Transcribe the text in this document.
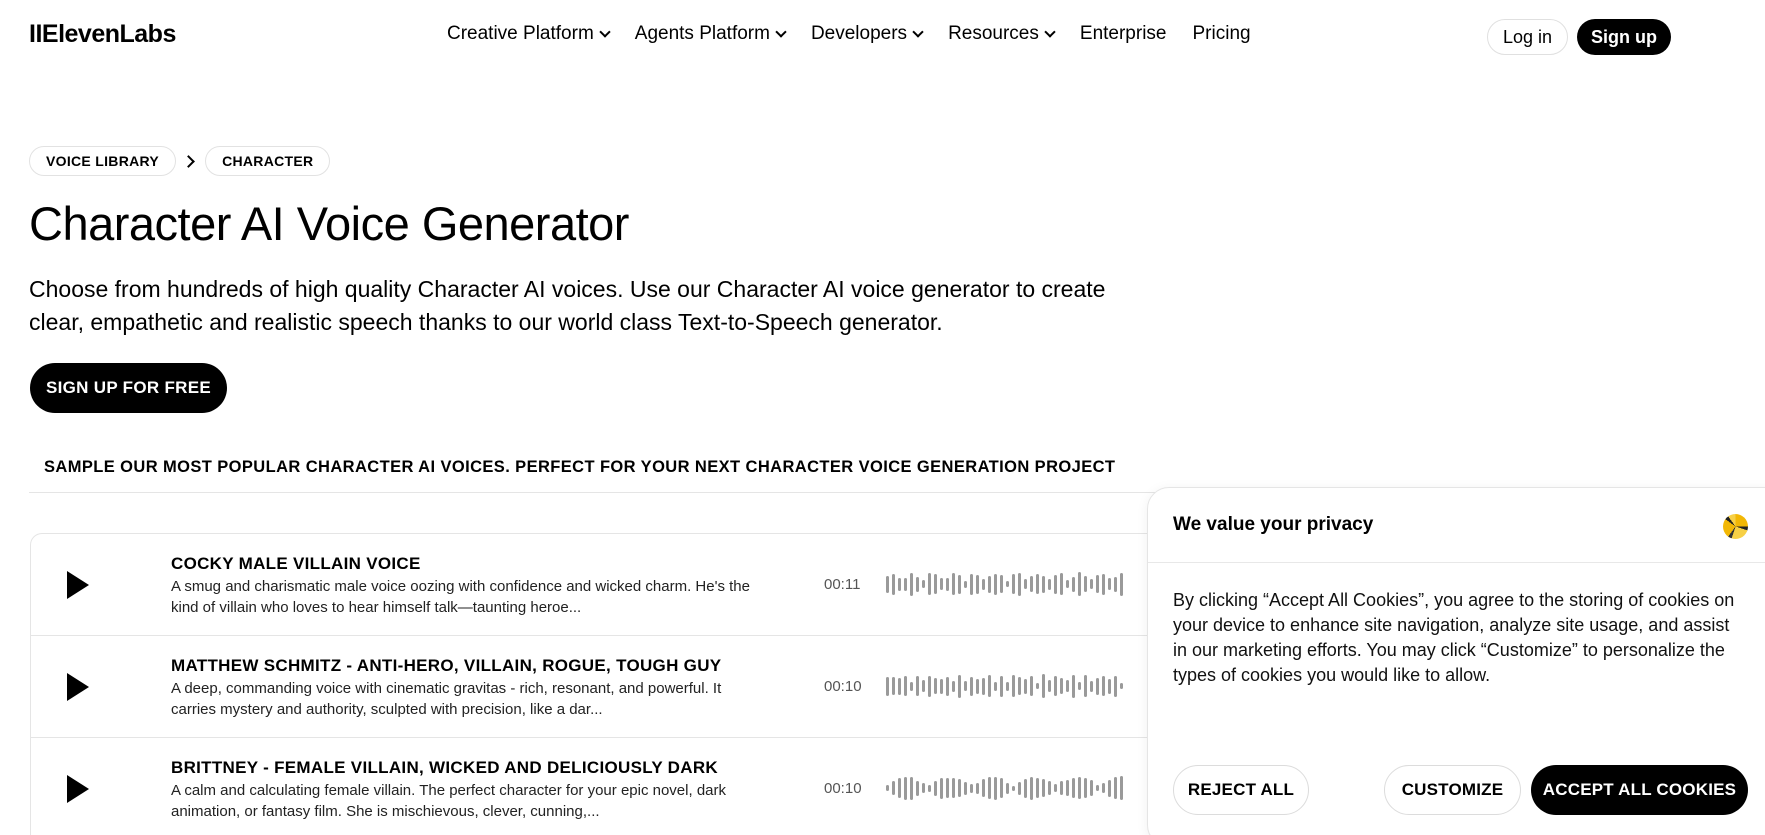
IIElevenLabs	Creative Platform Agents Platform Developers Resources Enterprise Pricing	Log in	Sign up
VOICE LIBRARY	CHARACTER
Character AI Voice Generator

Choose from hundreds of high quality Character AI voices. Use our Character AI voice generator to create clear, empathetic and realistic speech thanks to our world class Text-to-Speech generator.

SIGN UP FOR FREE
SAMPLE OUR MOST POPULAR CHARACTER AI VOICES. PERFECT FOR YOUR NEXT CHARACTER VOICE GENERATION PROJECT
COCKY MALE VILLAIN VOICE
A smug and charismatic male voice oozing with confidence and wicked charm. He's the kind of villain who loves to hear himself talk—taunting heroe...
00:11
MATTHEW SCHMITZ - ANTI-HERO, VILLAIN, ROGUE, TOUGH GUY
A deep, commanding voice with cinematic gravitas - rich, resonant, and powerful. It carries mystery and authority, sculpted with precision, like a dar...
00:10
BRITTNEY - FEMALE VILLAIN, WICKED AND DELICIOUSLY DARK
A calm and calculating female villain. The perfect character for your epic novel, dark animation, or fantasy film. She is mischievous, clever, cunning,...
00:10
We value your privacy
By clicking “Accept All Cookies”, you agree to the storing of cookies on your device to enhance site navigation, analyze site usage, and assist in our marketing efforts. You may click “Customize” to personalize the types of cookies you would like to allow.
REJECT ALL	CUSTOMIZE	ACCEPT ALL COOKIES
